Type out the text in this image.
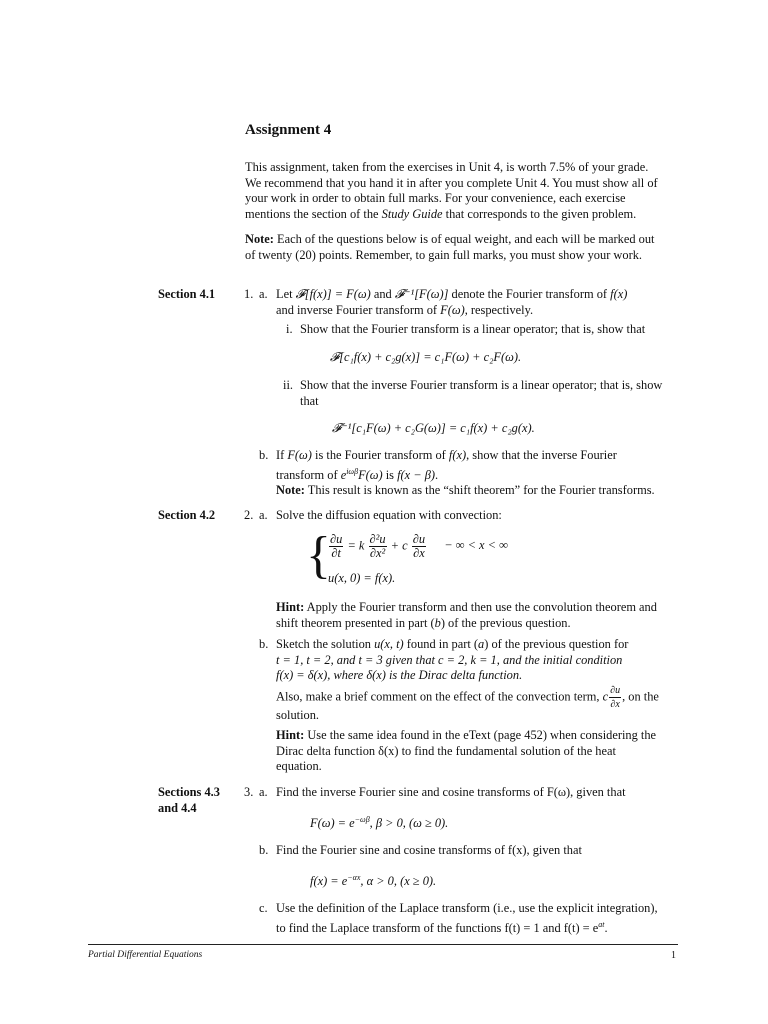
Assignment 4
This assignment, taken from the exercises in Unit 4, is worth 7.5% of your grade.
We recommend that you hand it in after you complete Unit 4. You must show all of
your work in order to obtain full marks. For your convenience, each exercise
mentions the section of the Study Guide that corresponds to the given problem.
Note: Each of the questions below is of equal weight, and each will be marked out
of twenty (20) points. Remember, to gain full marks, you must show your work.
Section 4.1	1. a. Let 𝓕[f(x)] = F(ω) and 𝓕⁻¹[F(ω)] denote the Fourier transform of f(x)
and inverse Fourier transform of F(ω), respectively.
i. Show that the Fourier transform is a linear operator; that is, show that
𝓕[c₁f(x) + c₂g(x)] = c₁F(ω) + c₂F(ω).
ii. Show that the inverse Fourier transform is a linear operator; that is, show
that
𝓕⁻¹[c₁F(ω) + c₂G(ω)] = c₁f(x) + c₂g(x).
b. If F(ω) is the Fourier transform of f(x), show that the inverse Fourier
transform of $e^{i\omega\beta}F(\omega)$ is f(x − β).
Note: This result is known as the “shift theorem” for the Fourier transforms.
Section 4.2	2. a. Solve the diffusion equation with convection:
{
$\frac{\partial u}{\partial t} = k \frac{\text{∂²u}}{\text{∂x²}} + c \frac{\partial u}{\partial x}$ − ∞ < x < ∞
u(x, 0) = f(x).
Hint: Apply the Fourier transform and then use the convolution theorem and
shift theorem presented in part (b) of the previous question.
b. Sketch the solution u(x, t) found in part (a) of the previous question for
t = 1, t = 2, and t = 3 given that c = 2, k = 1, and the initial condition
f(x) = δ(x), where δ(x) is the Dirac delta function.
Also, make a brief comment on the effect of the convection term, c $\frac{\partial u}{\partial x}$ , on the
solution.
Hint: Use the same idea found in the eText (page 452) when considering the
Dirac delta function δ(x) to find the fundamental solution of the heat
equation.
Sections 4.3
and 4.4
3. a. Find the inverse Fourier sine and cosine transforms of F(ω), given that
$F(\omega) = e^{-\omega\beta}$, β > 0, (ω ≥ 0).
b. Find the Fourier sine and cosine transforms of f(x), given that
$f(x) = e^{-\alpha x}$, α > 0, (x ≥ 0).
c. Use the definition of the Laplace transform (i.e., use the explicit integration),
to find the Laplace transform of the functions f(t) = 1 and $f(t) = e^{at}$.
Partial Differential Equations	1
